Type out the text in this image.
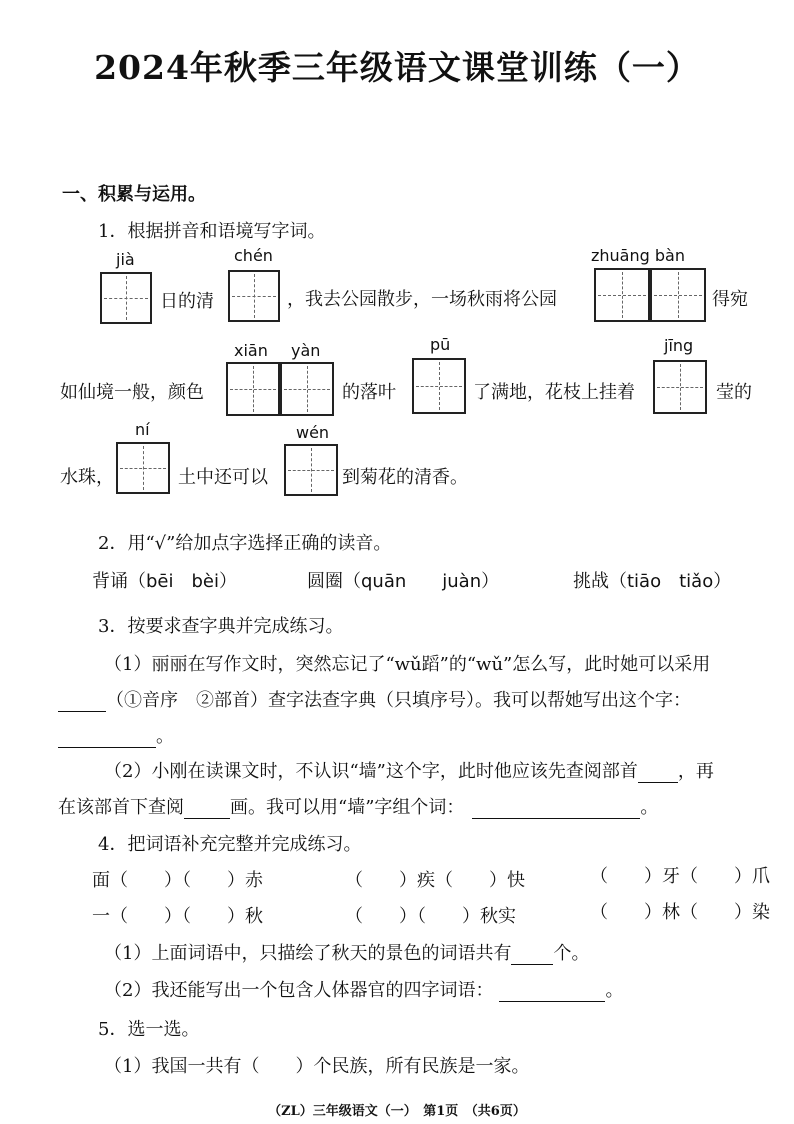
2024年秋季三年级语文课堂训练（一）
一、积累与运用。
1．根据拼音和语境写字词。
jià	chén	zhuāng bàn
日的清	，我去公园散步，一场秋雨将公园	得宛
xiān yàn	pū	jīng
如仙境一般，颜色	的落叶	了满地，花枝上挂着	莹的
ní	wén
水珠，	土中还可以	到菊花的清香。
2．用“√”给加点字选择正确的读音。
背诵（bēi　bèi）	圆圈（quān　　juàn）	挑战（tiāo　tiǎo）
3．按要求查字典并完成练习。
（1）丽丽在写作文时，突然忘记了“wǔ蹈”的“wǔ”怎么写，此时她可以采用
（①音序　②部首）查字法查字典（只填序号）。我可以帮她写出这个字：
。
（2）小刚在读课文时，不认识“墙”这个字，此时他应该先查阅部首 ，再
在该部首下查阅	画。我可以用“墙”字组个词：	。
4．把词语补充完整并完成练习。
面（　　）（　　）赤	（　　）疾（　　）快	（　　）牙（　　）爪
一（　　）（　　）秋	（　　）（　　）秋实	（　　）林（　　）染
（1）上面词语中，只描绘了秋天的景色的词语共有 个。
（2）我还能写出一个包含人体器官的四字词语：	。
5．选一选。
（1）我国一共有（　　）个民族，所有民族是一家。
（ZL）三年级语文（一）　第1页　（共6页）
